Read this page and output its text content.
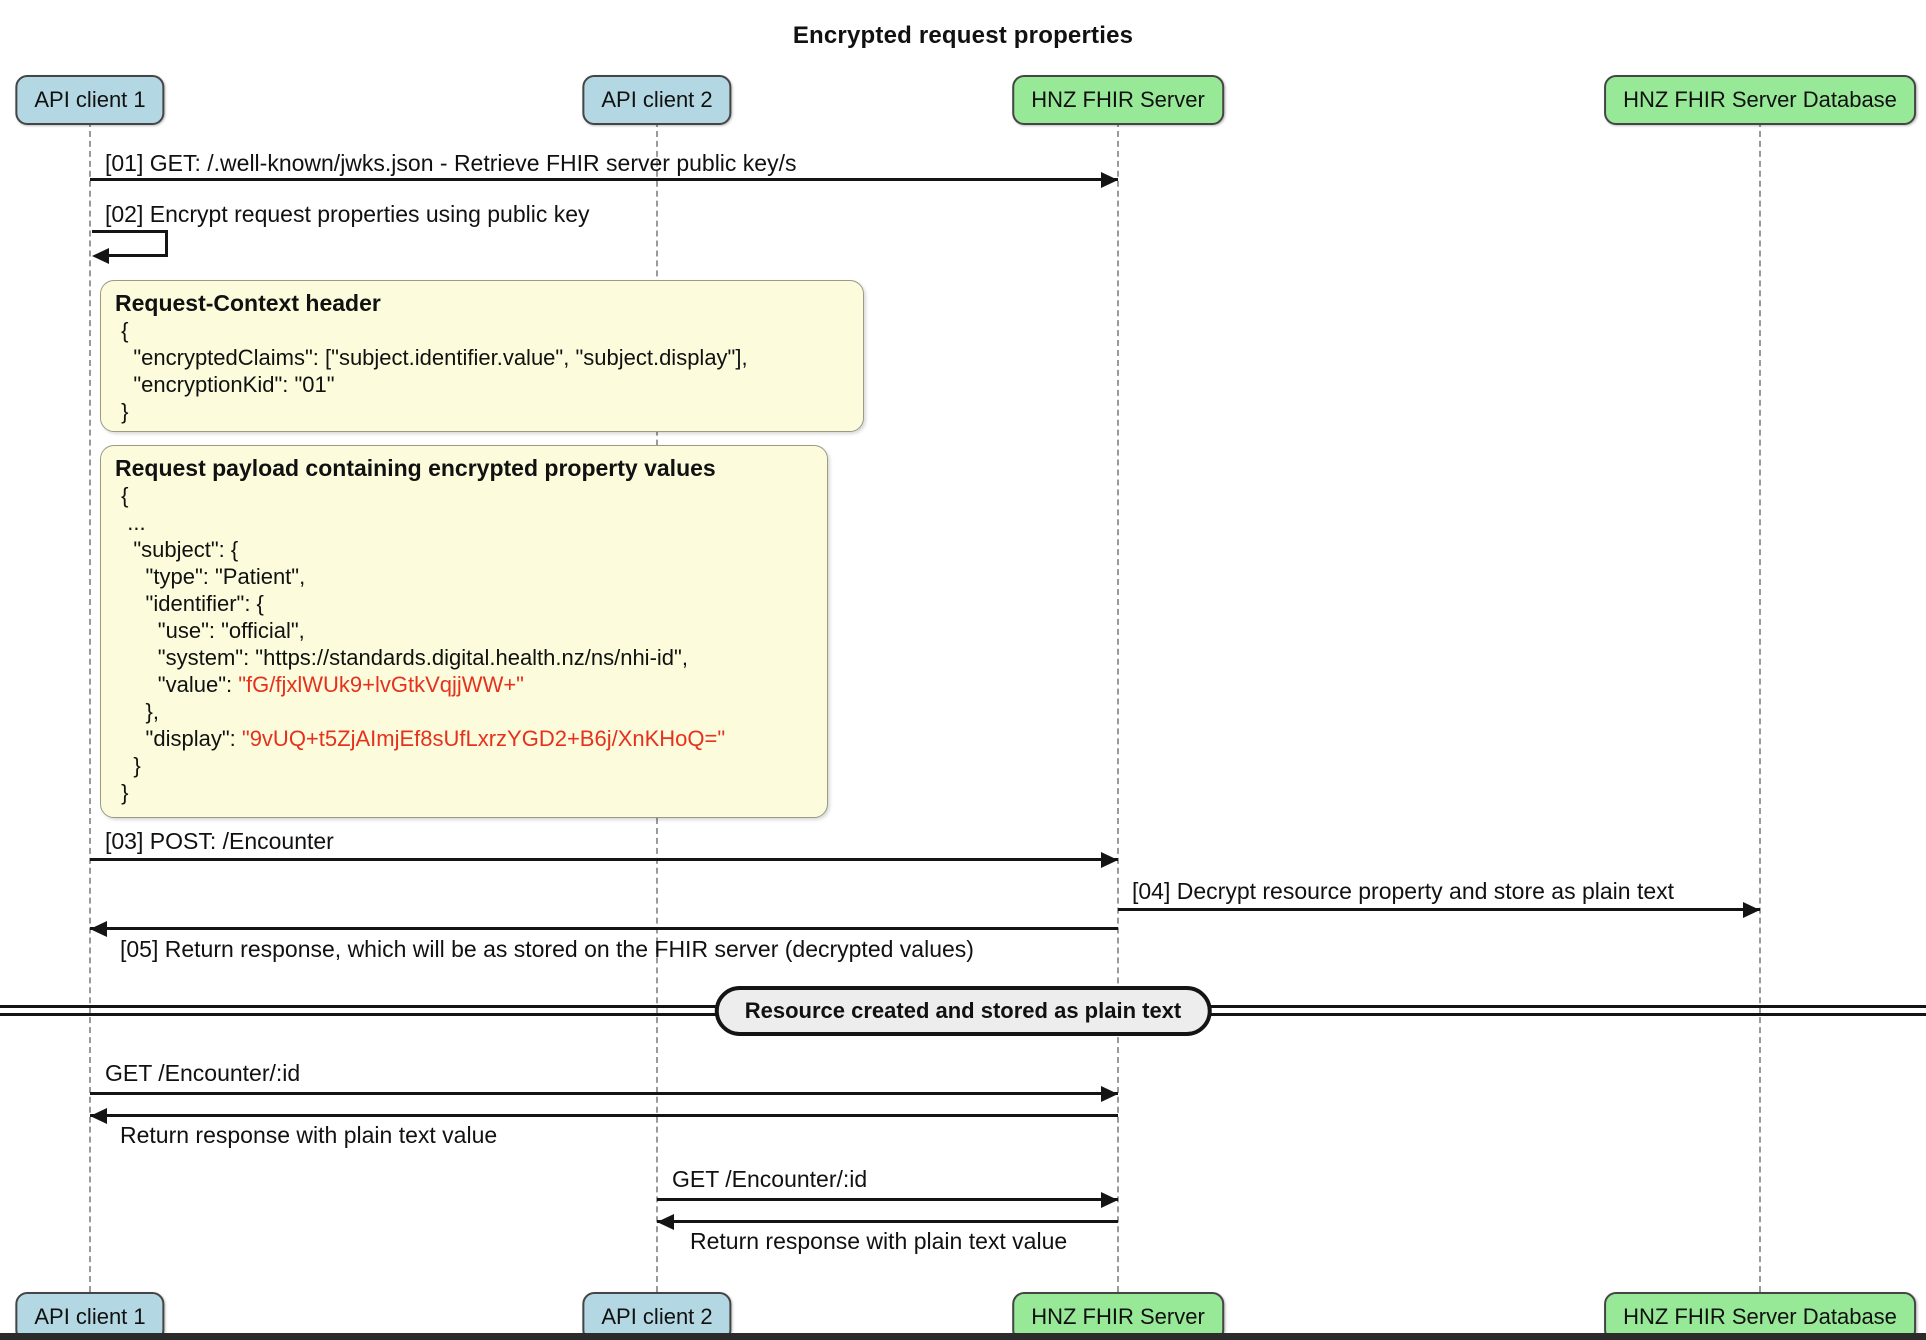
Encrypted request properties
API client 1	API client 2	HNZ FHIR Server	HNZ FHIR Server Database
[01] GET: /.well-known/jwks.json - Retrieve FHIR server public key/s
[02] Encrypt request properties using public key
Request-Context header
{
"encryptedClaims": ["subject.identifier.value", "subject.display"],
"encryptionKid": "01"
}
Request payload containing encrypted property values
{
...
"subject": {
"type": "Patient",
"identifier": {
"use": "official",
"system": "https://standards.digital.health.nz/ns/nhi-id",
"value": "fG/fjxlWUk9+lvGtkVqjjWW+"
},
"display": "9vUQ+t5ZjAImjEf8sUfLxrzYGD2+B6j/XnKHoQ="
}
}
[03] POST: /Encounter
[04] Decrypt resource property and store as plain text
[05] Return response, which will be as stored on the FHIR server (decrypted values)
Resource created and stored as plain text
GET /Encounter/:id
Return response with plain text value
GET /Encounter/:id
Return response with plain text value
API client 1	API client 2	HNZ FHIR Server	HNZ FHIR Server Database
